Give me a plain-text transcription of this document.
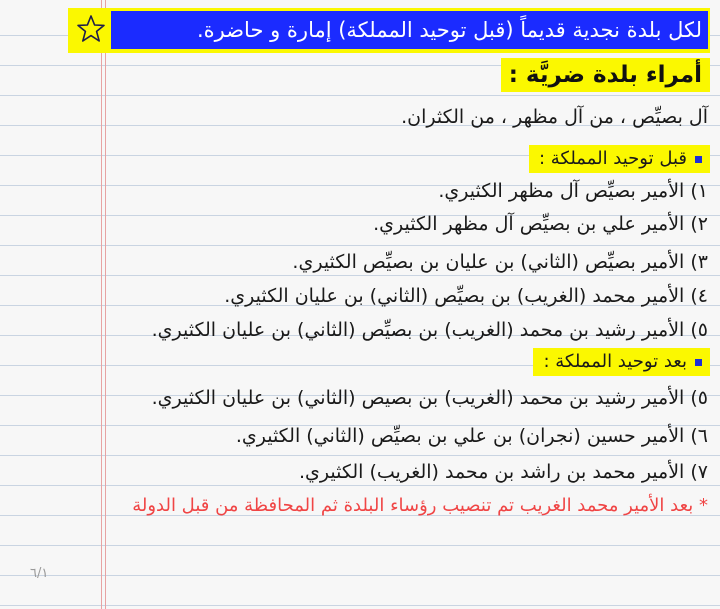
لكل بلدة نجدية قديماً (قبل توحيد المملكة) إمارة و حاضرة.
أمراء بلدة ضريَّة :
آل بصيِّص ، من آل مظهر ، من الكثران.
قبل توحيد المملكة :
١) الأمير بصيِّص آل مظهر الكثيري.
٢) الأمير علي بن بصيِّص آل مظهر الكثيري.
٣) الأمير بصيِّص (الثاني) بن عليان بن بصيِّص الكثيري.
٤) الأمير محمد (الغريب) بن بصيِّص (الثاني) بن عليان الكثيري.
٥) الأمير رشيد بن محمد (الغريب) بن بصيِّص (الثاني) بن عليان الكثيري.
بعد توحيد المملكة :
٥) الأمير رشيد بن محمد (الغريب) بن بصيص (الثاني) بن عليان الكثيري.
٦) الأمير حسين (نجران) بن علي بن بصيِّص (الثاني) الكثيري.
٧) الأمير محمد بن راشد بن محمد (الغريب) الكثيري.
* بعد الأمير محمد الغريب تم تنصيب رؤساء البلدة ثم المحافظة من قبل الدولة
٦/١
